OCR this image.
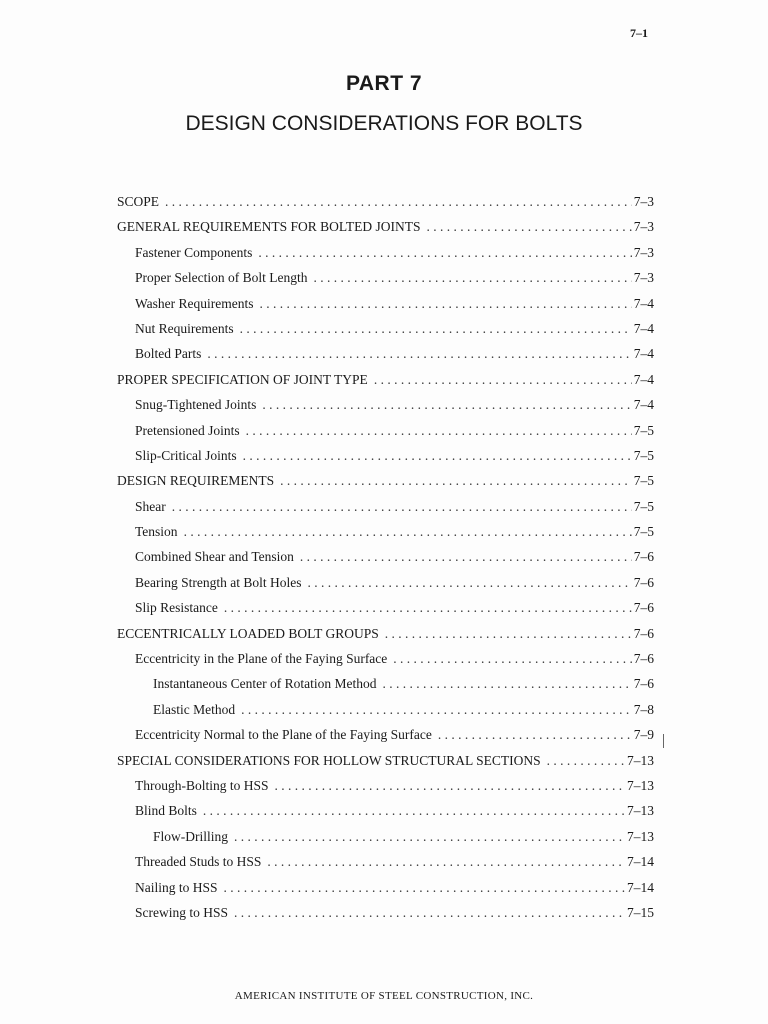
7–1
PART 7
DESIGN CONSIDERATIONS FOR BOLTS
SCOPE . . .	7–3
GENERAL REQUIREMENTS FOR BOLTED JOINTS . . .	7–3
Fastener Components . . .	7–3
Proper Selection of Bolt Length . . .	7–3
Washer Requirements . . .	7–4
Nut Requirements . . .	7–4
Bolted Parts . . .	7–4
PROPER SPECIFICATION OF JOINT TYPE . . .	7–4
Snug-Tightened Joints . . .	7–4
Pretensioned Joints . . .	7–5
Slip-Critical Joints . . .	7–5
DESIGN REQUIREMENTS . . .	7–5
Shear . . .	7–5
Tension . . .	7–5
Combined Shear and Tension . . .	7–6
Bearing Strength at Bolt Holes . . .	7–6
Slip Resistance . . .	7–6
ECCENTRICALLY LOADED BOLT GROUPS . . .	7–6
Eccentricity in the Plane of the Faying Surface . . .	7–6
Instantaneous Center of Rotation Method . . .	7–6
Elastic Method . . .	7–8
Eccentricity Normal to the Plane of the Faying Surface . . .	7–9
SPECIAL CONSIDERATIONS FOR HOLLOW STRUCTURAL SECTIONS . . .	7–13
Through-Bolting to HSS . . .	7–13
Blind Bolts . . .	7–13
Flow-Drilling . . .	7–13
Threaded Studs to HSS . . .	7–14
Nailing to HSS . . .	7–14
Screwing to HSS . . .	7–15
AMERICAN INSTITUTE OF STEEL CONSTRUCTION, INC.
